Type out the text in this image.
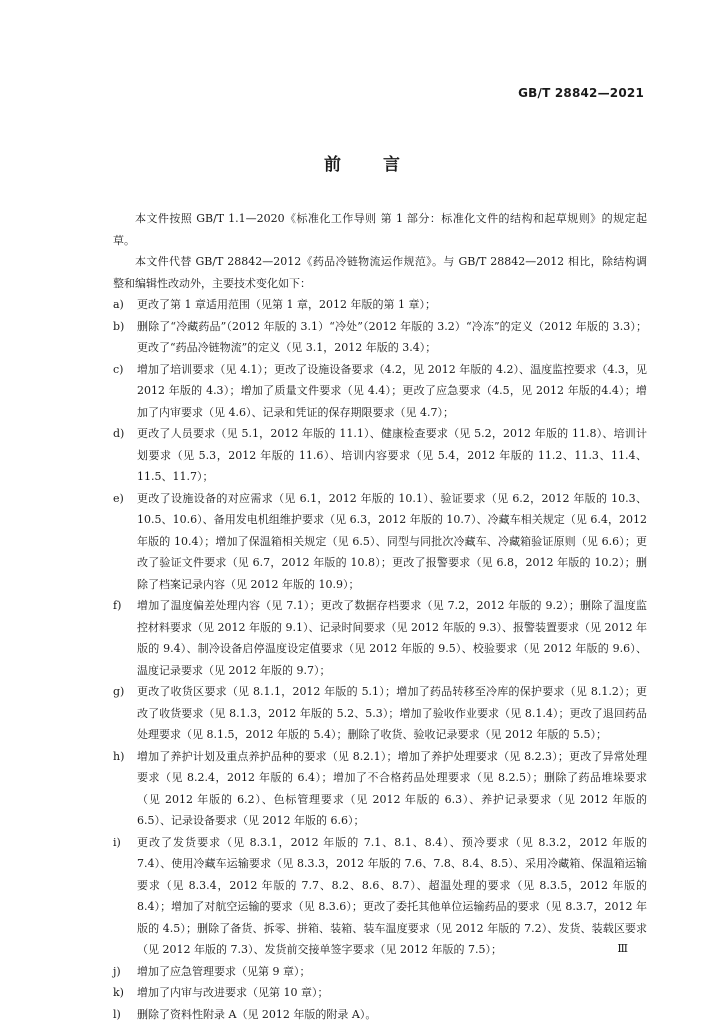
GB/T 28842—2021
前言

本文件按照 GB/T 1.1—2020《标准化工作导则 第 1 部分：标准化文件的结构和起草规则》的规定起草。

本文件代替 GB/T 28842—2012《药品冷链物流运作规范》。与 GB/T 28842—2012 相比，除结构调整和编辑性改动外，主要技术变化如下：

a)	更改了第 1 章适用范围（见第 1 章，2012 年版的第 1 章）；
b)	删除了“冷藏药品”（2012 年版的 3.1）“冷处”（2012 年版的 3.2）“冷冻”的定义（2012 年版的 3.3）；更改了“药品冷链物流”的定义（见 3.1，2012 年版的 3.4）；
c)	增加了培训要求（见 4.1）；更改了设施设备要求（4.2，见 2012 年版的 4.2）、温度监控要求（4.3，见 2012 年版的 4.3）；增加了质量文件要求（见 4.4）；更改了应急要求（4.5，见 2012 年版的4.4）；增加了内审要求（见 4.6）、记录和凭证的保存期限要求（见 4.7）；
d)	更改了人员要求（见 5.1，2012 年版的 11.1）、健康检查要求（见 5.2，2012 年版的 11.8）、培训计划要求（见 5.3，2012 年版的 11.6）、培训内容要求（见 5.4，2012 年版的 11.2、11.3、11.4、11.5、11.7）；
e)	更改了设施设备的对应需求（见 6.1，2012 年版的 10.1）、验证要求（见 6.2，2012 年版的 10.3、10.5、10.6）、备用发电机组维护要求（见 6.3，2012 年版的 10.7）、冷藏车相关规定（见 6.4，2012 年版的 10.4）；增加了保温箱相关规定（见 6.5）、同型与同批次冷藏车、冷藏箱验证原则（见 6.6）；更改了验证文件要求（见 6.7，2012 年版的 10.8）；更改了报警要求（见 6.8，2012 年版的 10.2）；删除了档案记录内容（见 2012 年版的 10.9）；
f)	增加了温度偏差处理内容（见 7.1）；更改了数据存档要求（见 7.2，2012 年版的 9.2）；删除了温度监控材料要求（见 2012 年版的 9.1）、记录时间要求（见 2012 年版的 9.3）、报警装置要求（见 2012 年版的 9.4）、制冷设备启停温度设定值要求（见 2012 年版的 9.5）、校验要求（见 2012 年版的 9.6）、温度记录要求（见 2012 年版的 9.7）；
g)	更改了收货区要求（见 8.1.1，2012 年版的 5.1）；增加了药品转移至冷库的保护要求（见 8.1.2）；更改了收货要求（见 8.1.3，2012 年版的 5.2、5.3）；增加了验收作业要求（见 8.1.4）；更改了退回药品处理要求（见 8.1.5，2012 年版的 5.4）；删除了收货、验收记录要求（见 2012 年版的 5.5）；
h)	增加了养护计划及重点养护品种的要求（见 8.2.1）；增加了养护处理要求（见 8.2.3）；更改了异常处理要求（见 8.2.4，2012 年版的 6.4）；增加了不合格药品处理要求（见 8.2.5）；删除了药品堆垛要求（见 2012 年版的 6.2）、色标管理要求（见 2012 年版的 6.3）、养护记录要求（见 2012 年版的 6.5）、记录设备要求（见 2012 年版的 6.6）；
i)	更改了发货要求（见 8.3.1，2012 年版的 7.1、8.1、8.4）、预冷要求（见 8.3.2，2012 年版的 7.4）、使用冷藏车运输要求（见 8.3.3，2012 年版的 7.6、7.8、8.4、8.5）、采用冷藏箱、保温箱运输要求（见 8.3.4，2012 年版的 7.7、8.2、8.6、8.7）、超温处理的要求（见 8.3.5，2012 年版的 8.4）；增加了对航空运输的要求（见 8.3.6）；更改了委托其他单位运输药品的要求（见 8.3.7，2012 年版的 4.5）；删除了备货、拆零、拼箱、装箱、装车温度要求（见 2012 年版的 7.2）、发货、装载区要求（见 2012 年版的 7.3）、发货前交接单签字要求（见 2012 年版的 7.5）；
j)	增加了应急管理要求（见第 9 章）；
k)	增加了内审与改进要求（见第 10 章）；
l)	删除了资料性附录 A（见 2012 年版的附录 A）。
Ⅲ
